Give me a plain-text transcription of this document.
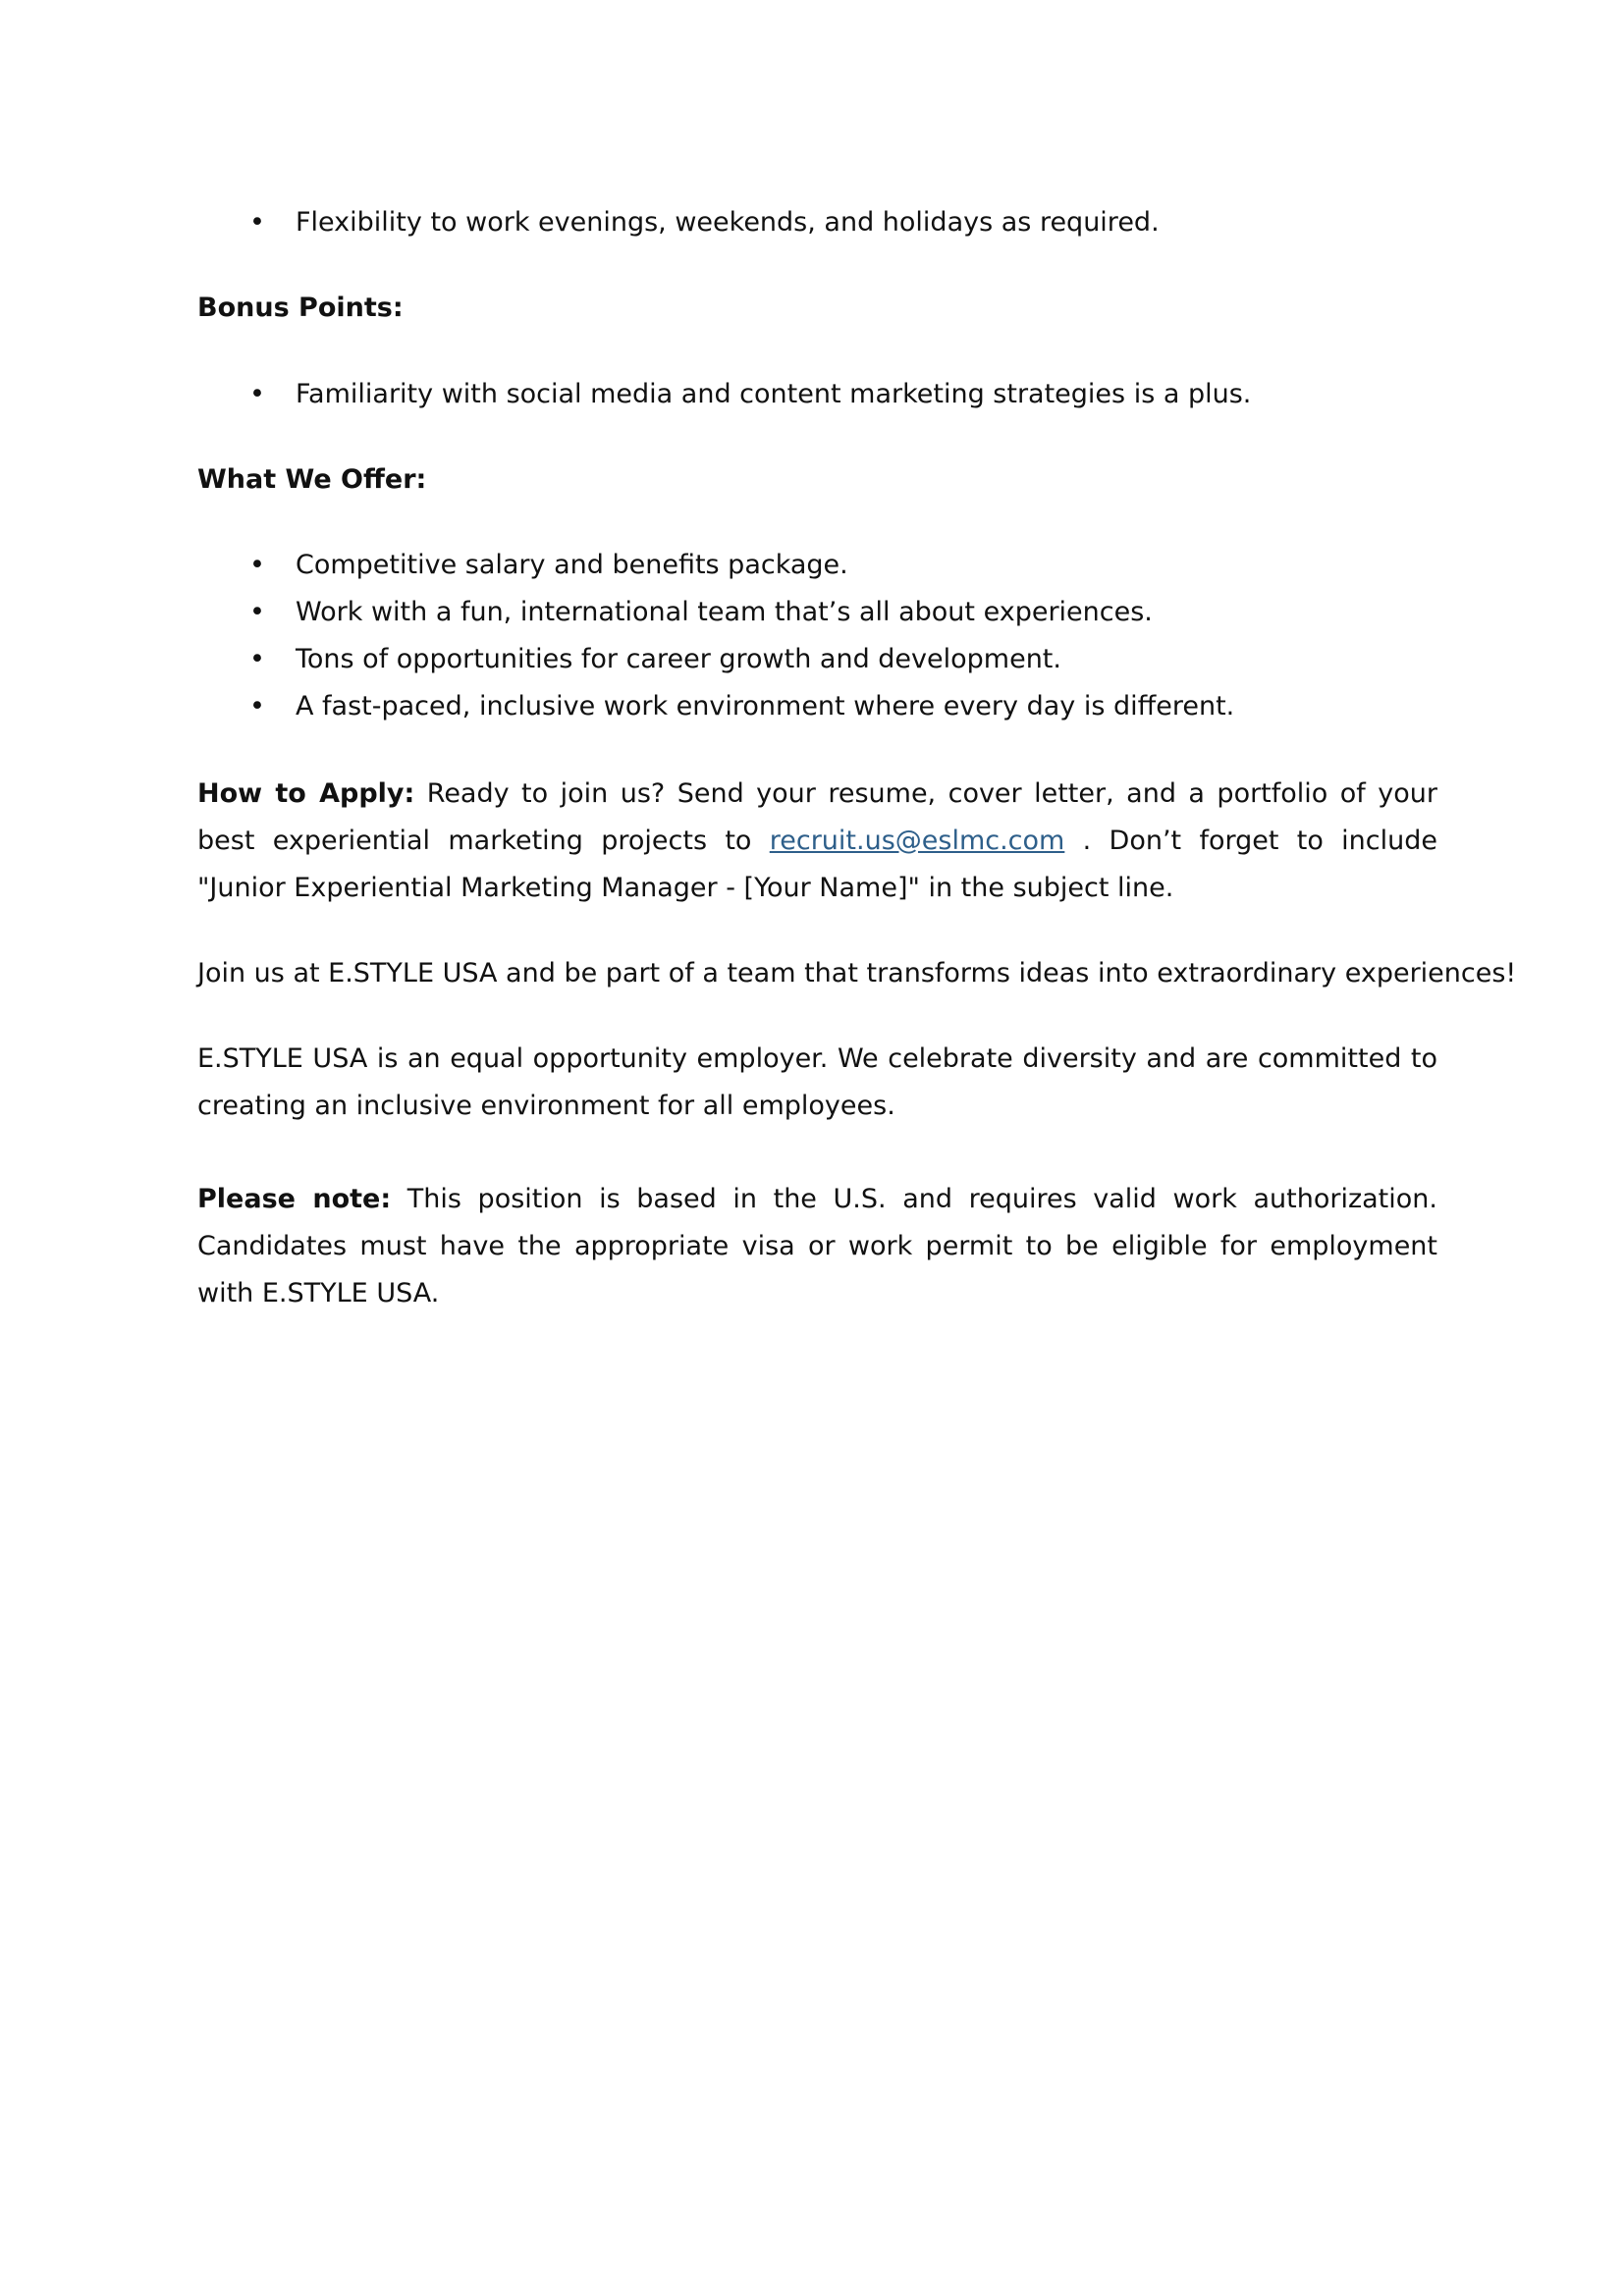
• Flexibility to work evenings, weekends, and holidays as required.

Bonus Points:

• Familiarity with social media and content marketing strategies is a plus.

What We Offer:

• Competitive salary and benefits package.
• Work with a fun, international team that’s all about experiences.
• Tons of opportunities for career growth and development.
• A fast-paced, inclusive work environment where every day is different.

How to Apply: Ready to join us? Send your resume, cover letter, and a portfolio of your best experiential marketing projects to recruit.us@eslmc.com . Don’t forget to include "Junior Experiential Marketing Manager - [Your Name]" in the subject line.

Join us at E.STYLE USA and be part of a team that transforms ideas into extraordinary experiences!

E.STYLE USA is an equal opportunity employer. We celebrate diversity and are committed to creating an inclusive environment for all employees.

Please note: This position is based in the U.S. and requires valid work authorization. Candidates must have the appropriate visa or work permit to be eligible for employment with E.STYLE USA.
